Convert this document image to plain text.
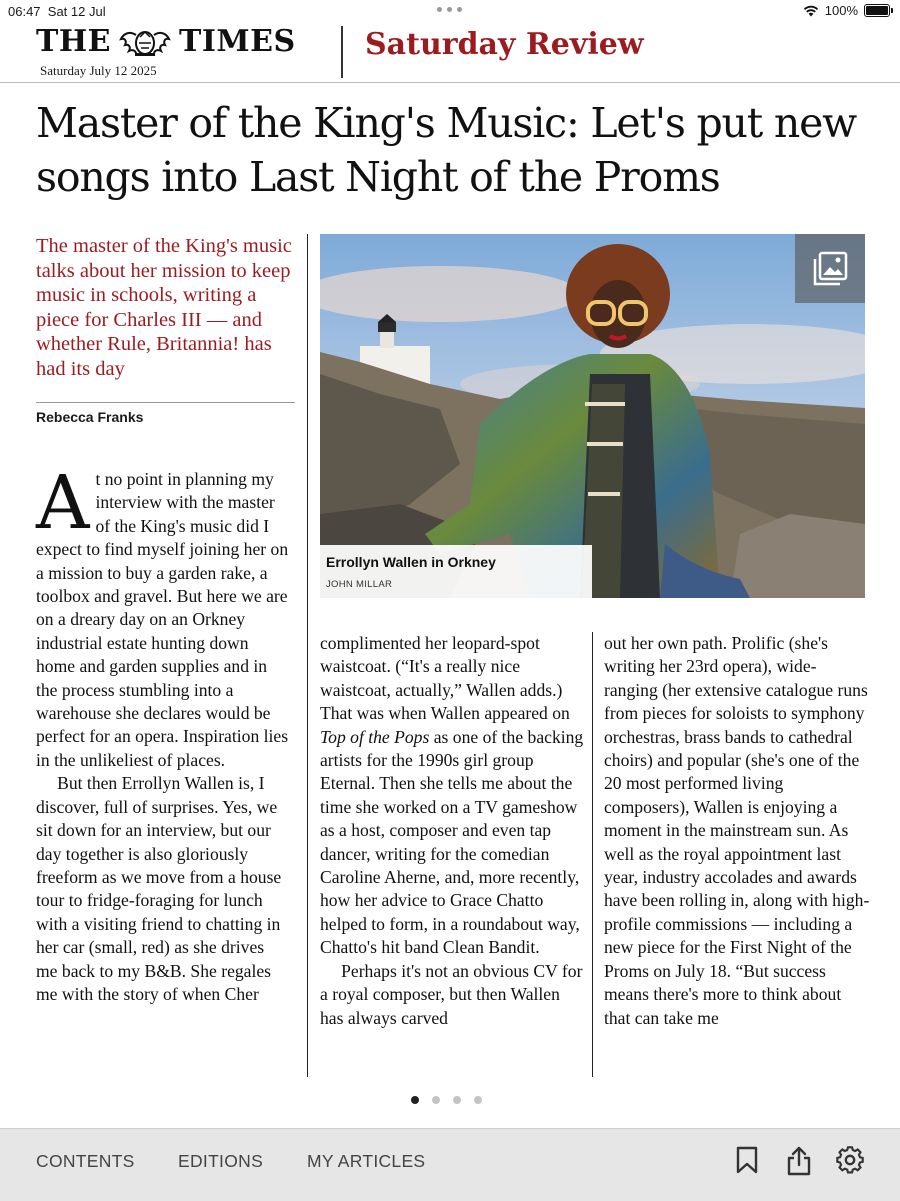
06:47 Sat 12 Jul	100%
THE TIMES
Saturday July 12 2025
Saturday Review
Master of the King's Music: Let's put new songs into Last Night of the Proms

The master of the King's music talks about her mission to keep music in schools, writing a piece for Charles III — and whether Rule, Britannia! has had its day

Rebecca Franks
Errollyn Wallen in Orkney
JOHN MILLAR

At no point in planning my interview with the master of the King's music did I expect to find myself joining her on a mission to buy a garden rake, a toolbox and gravel. But here we are on a dreary day on an Orkney industrial estate hunting down home and garden supplies and in the process stumbling into a warehouse she declares would be perfect for an opera. Inspiration lies in the unlikeliest of places.

But then Errollyn Wallen is, I discover, full of surprises. Yes, we sit down for an interview, but our day together is also gloriously freeform as we move from a house tour to fridge-foraging for lunch with a visiting friend to chatting in her car (small, red) as she drives me back to my B&B. She regales me with the story of when Cher

complimented her leopard-spot waistcoat. (“It's a really nice waistcoat, actually,” Wallen adds.) That was when Wallen appeared on Top of the Pops as one of the backing artists for the 1990s girl group Eternal. Then she tells me about the time she worked on a TV gameshow as a host, composer and even tap dancer, writing for the comedian Caroline Aherne, and, more recently, how her advice to Grace Chatto helped to form, in a roundabout way, Chatto's hit band Clean Bandit.

Perhaps it's not an obvious CV for a royal composer, but then Wallen has always carved

out her own path. Prolific (she's writing her 23rd opera), wide-ranging (her extensive catalogue runs from pieces for soloists to symphony orchestras, brass bands to cathedral choirs) and popular (she's one of the 20 most performed living composers), Wallen is enjoying a moment in the mainstream sun. As well as the royal appointment last year, industry accolades and awards have been rolling in, along with high-profile commissions — including a new piece for the First Night of the Proms on July 18. “But success means there's more to think about that can take me

CONTENTS EDITIONS	MY ARTICLES
